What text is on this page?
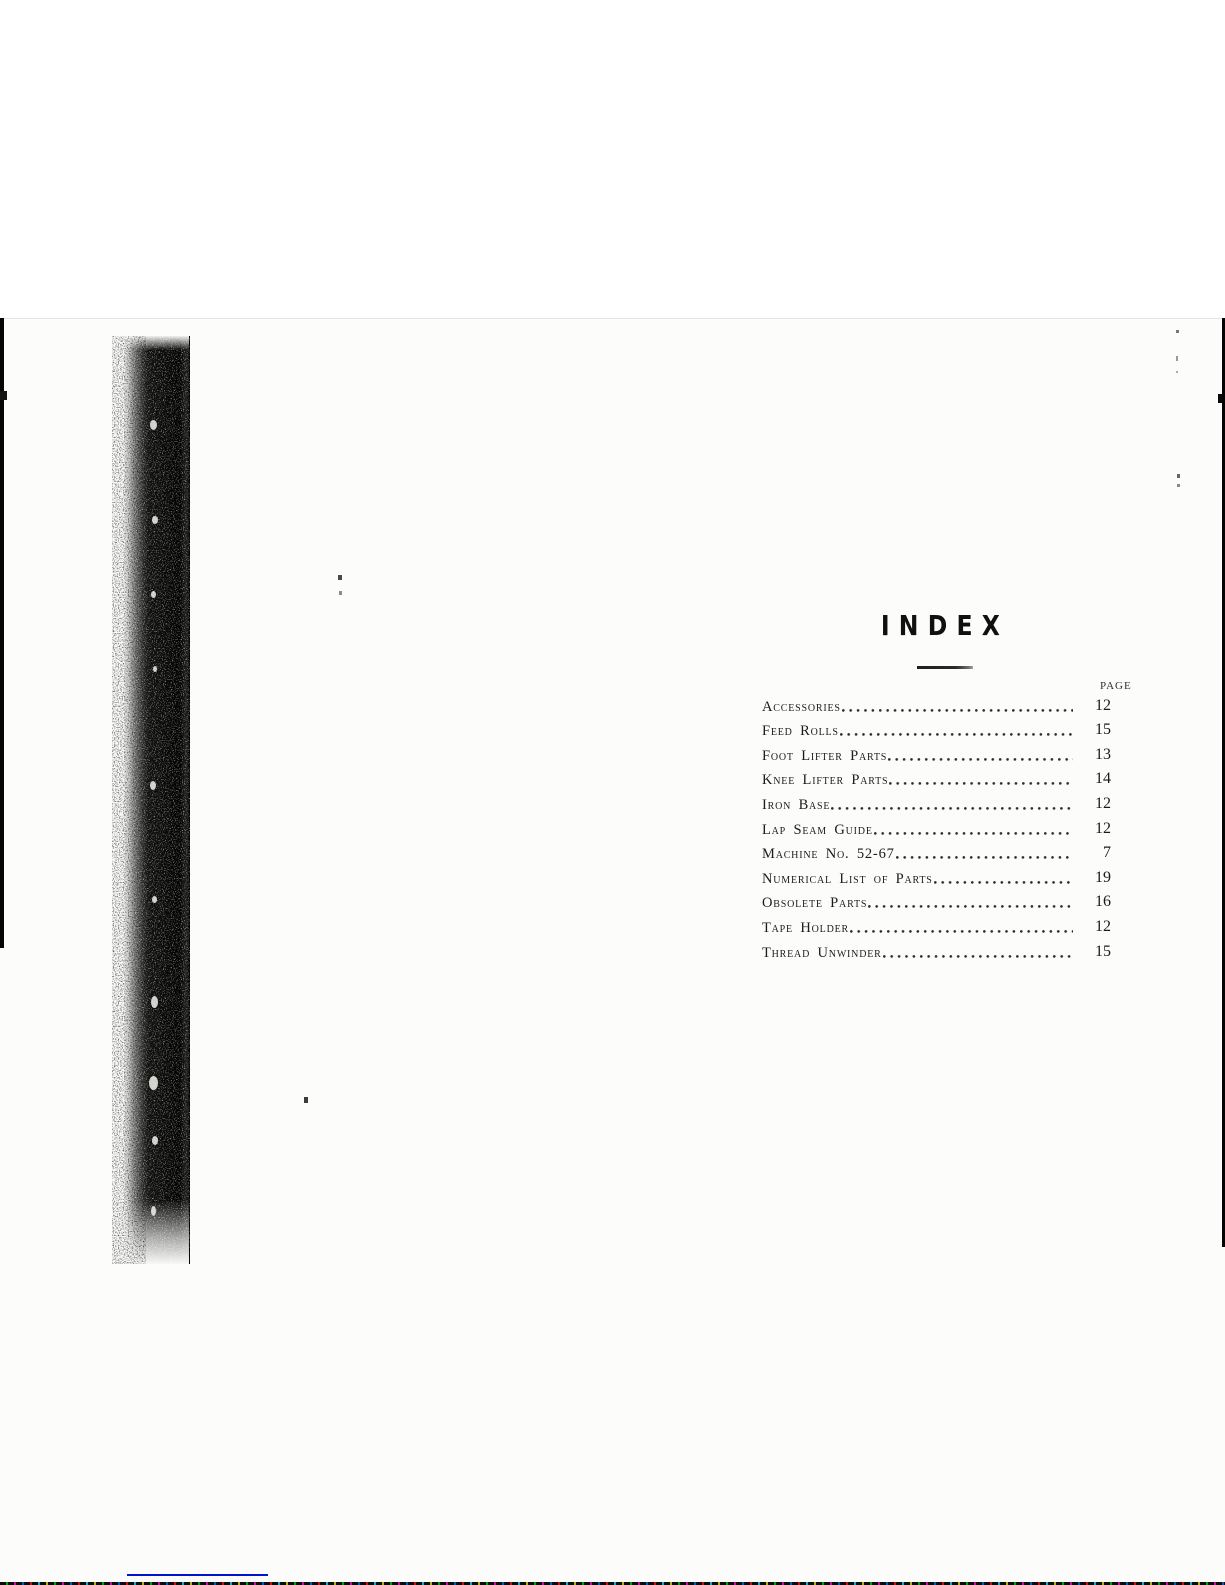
INDEX
PAGE
Accessories	12
Feed Rolls	15
Foot Lifter Parts	13
Knee Lifter Parts	14
Iron Base	12
Lap Seam Guide	12
Machine No. 52-67	7
Numerical List of Parts	19
Obsolete Parts	16
Tape Holder	12
Thread Unwinder	15
